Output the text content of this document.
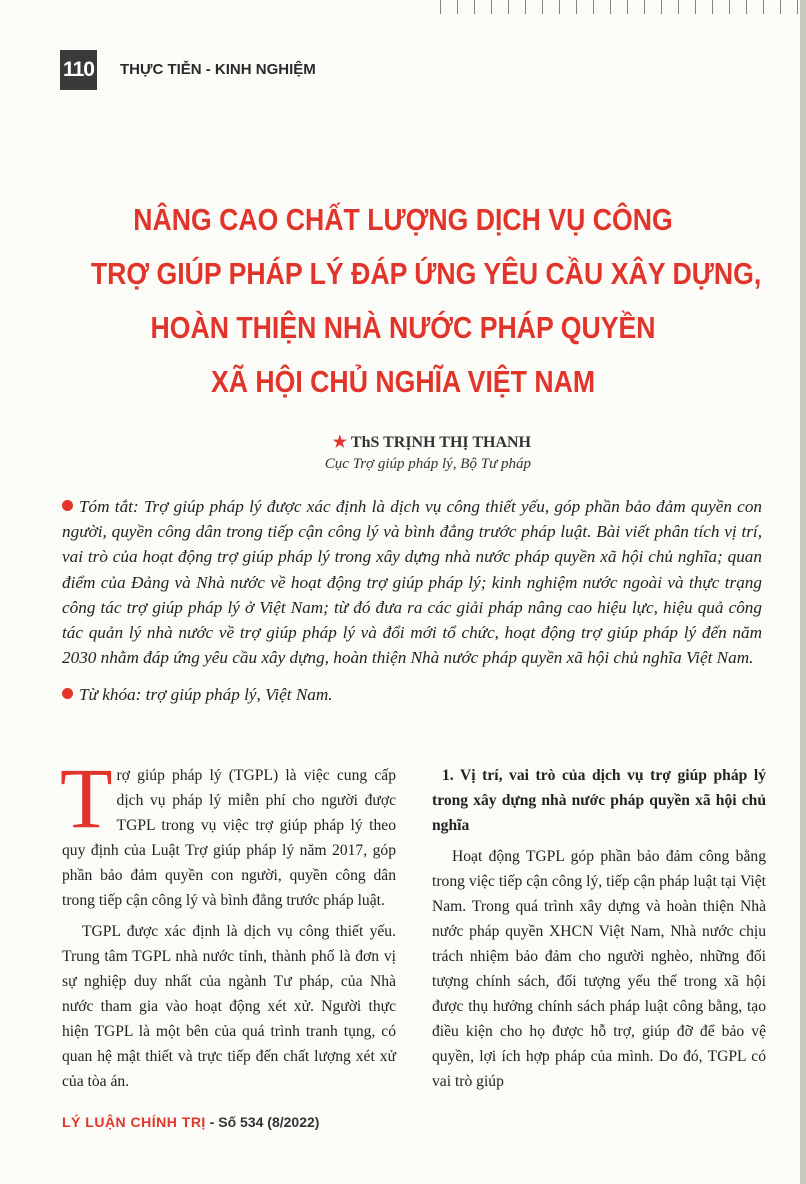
110 THỰC TIỄN - KINH NGHIỆM
NÂNG CAO CHẤT LƯỢNG DỊCH VỤ CÔNG
TRỢ GIÚP PHÁP LÝ ĐÁP ỨNG YÊU CẦU XÂY DỰNG,
HOÀN THIỆN NHÀ NƯỚC PHÁP QUYỀN
XÃ HỘI CHỦ NGHĨA VIỆT NAM
★ ThS TRỊNH THỊ THANH
Cục Trợ giúp pháp lý, Bộ Tư pháp

Tóm tắt: Trợ giúp pháp lý được xác định là dịch vụ công thiết yếu, góp phần bảo đảm quyền con người, quyền công dân trong tiếp cận công lý và bình đẳng trước pháp luật. Bài viết phân tích vị trí, vai trò của hoạt động trợ giúp pháp lý trong xây dựng nhà nước pháp quyền xã hội chủ nghĩa; quan điểm của Đảng và Nhà nước về hoạt động trợ giúp pháp lý; kinh nghiệm nước ngoài và thực trạng công tác trợ giúp pháp lý ở Việt Nam; từ đó đưa ra các giải pháp nâng cao hiệu lực, hiệu quả công tác quản lý nhà nước về trợ giúp pháp lý và đổi mới tổ chức, hoạt động trợ giúp pháp lý đến năm 2030 nhằm đáp ứng yêu cầu xây dựng, hoàn thiện Nhà nước pháp quyền xã hội chủ nghĩa Việt Nam.

Từ khóa: trợ giúp pháp lý, Việt Nam.

Trợ giúp pháp lý (TGPL) là việc cung cấp dịch vụ pháp lý miễn phí cho người được TGPL trong vụ việc trợ giúp pháp lý theo quy định của Luật Trợ giúp pháp lý năm 2017, góp phần bảo đảm quyền con người, quyền công dân trong tiếp cận công lý và bình đẳng trước pháp luật.

TGPL được xác định là dịch vụ công thiết yếu. Trung tâm TGPL nhà nước tỉnh, thành phố là đơn vị sự nghiệp duy nhất của ngành Tư pháp, của Nhà nước tham gia vào hoạt động xét xử. Người thực hiện TGPL là một bên của quá trình tranh tụng, có quan hệ mật thiết và trực tiếp đến chất lượng xét xử của tòa án.

1. Vị trí, vai trò của dịch vụ trợ giúp pháp lý trong xây dựng nhà nước pháp quyền xã hội chủ nghĩa

Hoạt động TGPL góp phần bảo đảm công bằng trong việc tiếp cận công lý, tiếp cận pháp luật tại Việt Nam. Trong quá trình xây dựng và hoàn thiện Nhà nước pháp quyền XHCN Việt Nam, Nhà nước chịu trách nhiệm bảo đảm cho người nghèo, những đối tượng chính sách, đối tượng yếu thế trong xã hội được thụ hưởng chính sách pháp luật công bằng, tạo điều kiện cho họ được hỗ trợ, giúp đỡ để bảo vệ quyền, lợi ích hợp pháp của mình. Do đó, TGPL có vai trò giúp

LÝ LUẬN CHÍNH TRỊ - Số 534 (8/2022)
